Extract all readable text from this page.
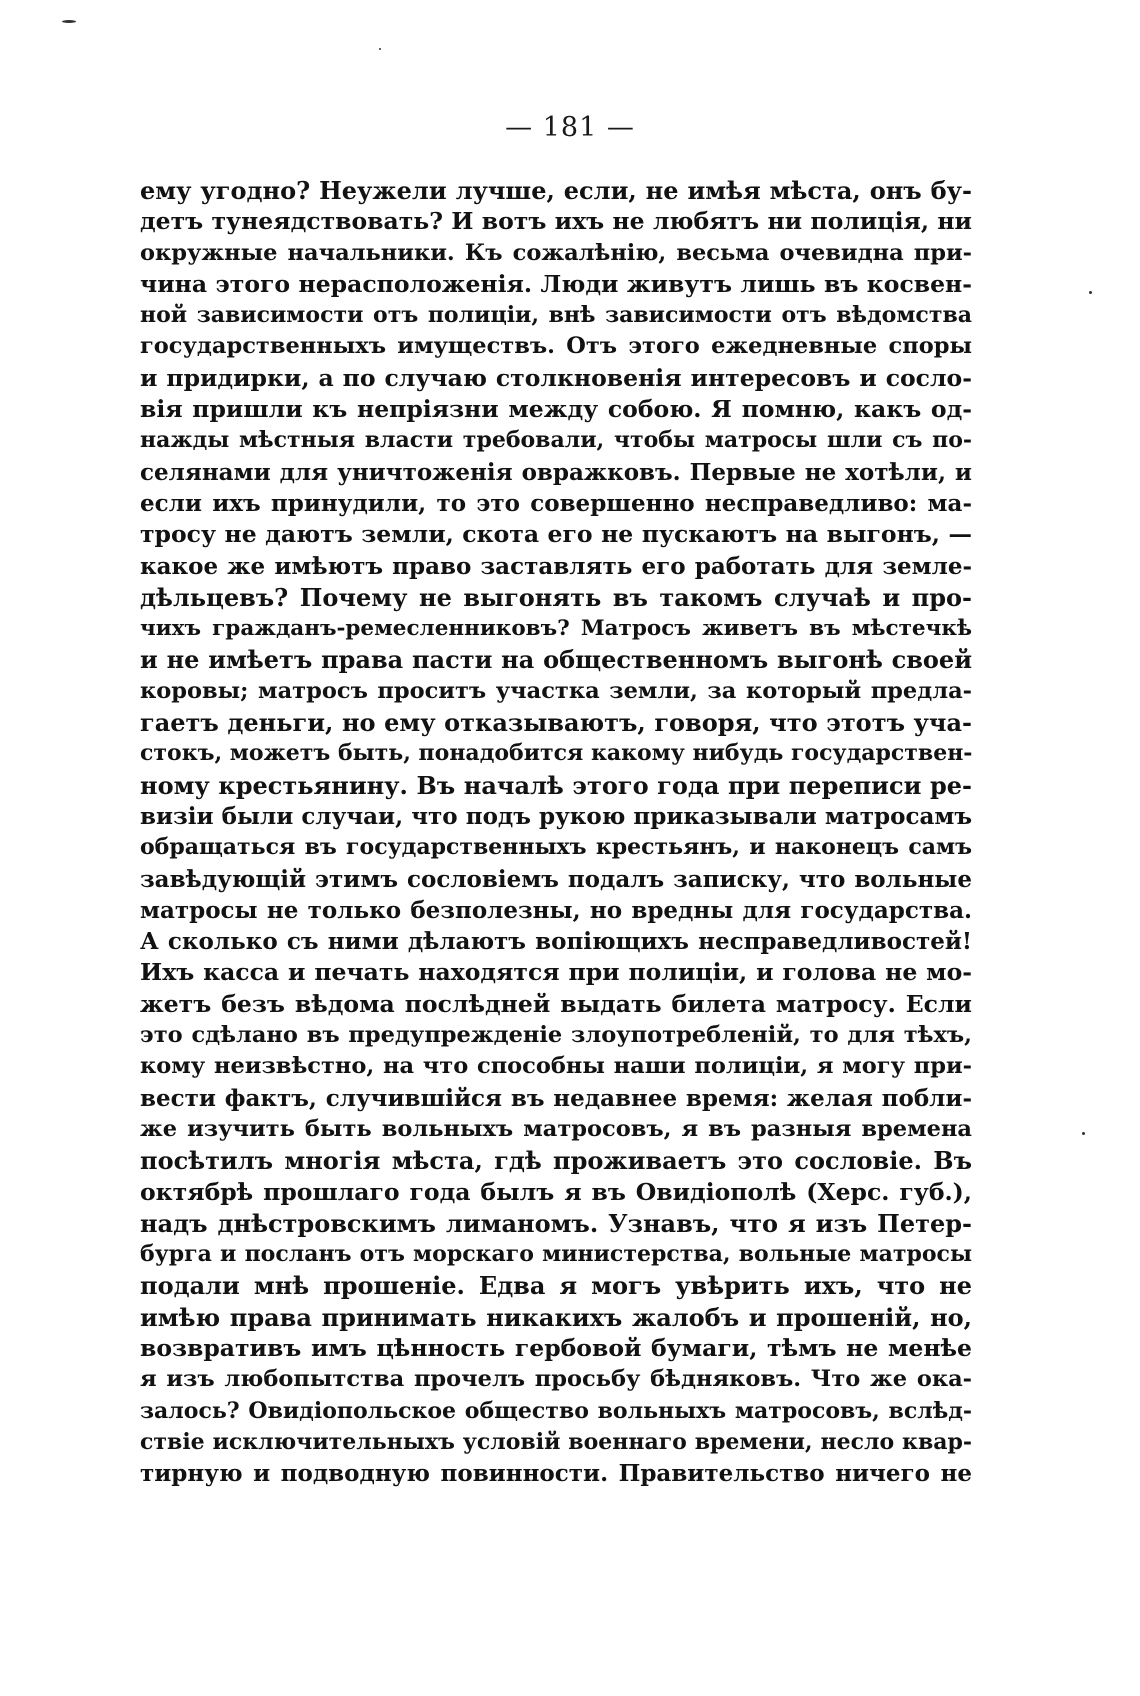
— 181 —
ему угодно? Неужели лучше, если, не имѣя мѣста, онъ бу-
детъ тунеядствовать? И вотъ ихъ не любятъ ни полиція, ни
окружные начальники. Къ сожалѣнію, весьма очевидна при-
чина этого нерасположенія. Люди живутъ лишь въ косвен-
ной зависимости отъ полиціи, внѣ зависимости отъ вѣдомства
государственныхъ имуществъ. Отъ этого ежедневные споры
и придирки, а по случаю столкновенія интересовъ и сосло-
вія пришли къ непріязни между собою. Я помню, какъ од-
нажды мѣстныя власти требовали, чтобы матросы шли съ по-
селянами для уничтоженія овражковъ. Первые не хотѣли, и
если ихъ принудили, то это совершенно несправедливо: ма-
тросу не даютъ земли, скота его не пускаютъ на выгонъ, —
какое же имѣютъ право заставлять его работать для земле-
дѣльцевъ? Почему не выгонять въ такомъ случаѣ и про-
чихъ гражданъ-ремесленниковъ? Матросъ живетъ въ мѣстечкѣ
и не имѣетъ права пасти на общественномъ выгонѣ своей
коровы; матросъ проситъ участка земли, за который предла-
гаетъ деньги, но ему отказываютъ, говоря, что этотъ уча-
стокъ, можетъ быть, понадобится какому нибудь государствен-
ному крестьянину. Въ началѣ этого года при переписи ре-
визіи были случаи, что подъ рукою приказывали матросамъ
обращаться въ государственныхъ крестьянъ, и наконецъ самъ
завѣдующій этимъ сословіемъ подалъ записку, что вольные
матросы не только безполезны, но вредны для государства.
А сколько съ ними дѣлаютъ вопіющихъ несправедливостей!
Ихъ касса и печать находятся при полиціи, и голова не мо-
жетъ безъ вѣдома послѣдней выдать билета матросу. Если
это сдѣлано въ предупрежденіе злоупотребленій, то для тѣхъ,
кому неизвѣстно, на что способны наши полиціи, я могу при-
вести фактъ, случившійся въ недавнее время: желая побли-
же изучить быть вольныхъ матросовъ, я въ разныя времена
посѣтилъ многія мѣста, гдѣ проживаетъ это сословіе. Въ
октябрѣ прошлаго года былъ я въ Овидіополѣ (Херс. губ.),
надъ днѣстровскимъ лиманомъ. Узнавъ, что я изъ Петер-
бурга и посланъ отъ морскаго министерства, вольные матросы
подали мнѣ прошеніе. Едва я могъ увѣрить ихъ, что не
имѣю права принимать никакихъ жалобъ и прошеній, но,
возвративъ имъ цѣнность гербовой бумаги, тѣмъ не менѣе
я изъ любопытства прочелъ просьбу бѣдняковъ. Что же ока-
залось? Овидіопольское общество вольныхъ матросовъ, вслѣд-
ствіе исключительныхъ условій военнаго времени, несло квар-
тирную и подводную повинности. Правительство ничего не
